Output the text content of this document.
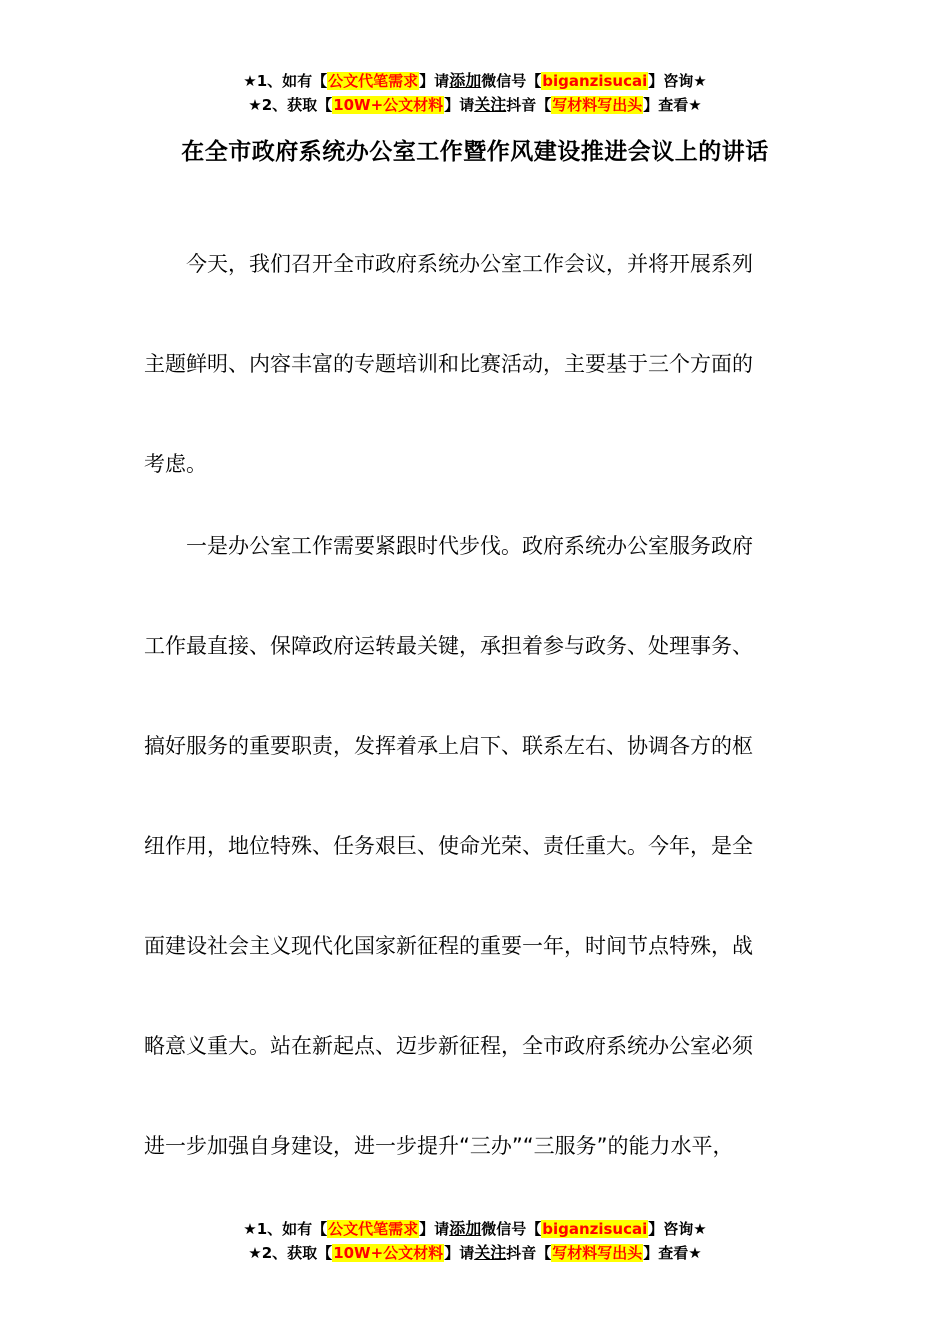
★1、如有【公文代笔需求】请添加微信号【biganzisucai】咨询★
★2、获取【10W+公文材料】请关注抖音【写材料写出头】查看★
在全市政府系统办公室工作暨作风建设推进会议上的讲话
　　今天，我们召开全市政府系统办公室工作会议，并将开展系列
主题鲜明、内容丰富的专题培训和比赛活动，主要基于三个方面的
考虑。
　　一是办公室工作需要紧跟时代步伐。政府系统办公室服务政府
工作最直接、保障政府运转最关键，承担着参与政务、处理事务、
搞好服务的重要职责，发挥着承上启下、联系左右、协调各方的枢
纽作用，地位特殊、任务艰巨、使命光荣、责任重大。今年，是全
面建设社会主义现代化国家新征程的重要一年，时间节点特殊，战
略意义重大。站在新起点、迈步新征程，全市政府系统办公室必须
进一步加强自身建设，进一步提升“三办”“三服务”的能力水平，
★1、如有【公文代笔需求】请添加微信号【biganzisucai】咨询★
★2、获取【10W+公文材料】请关注抖音【写材料写出头】查看★
